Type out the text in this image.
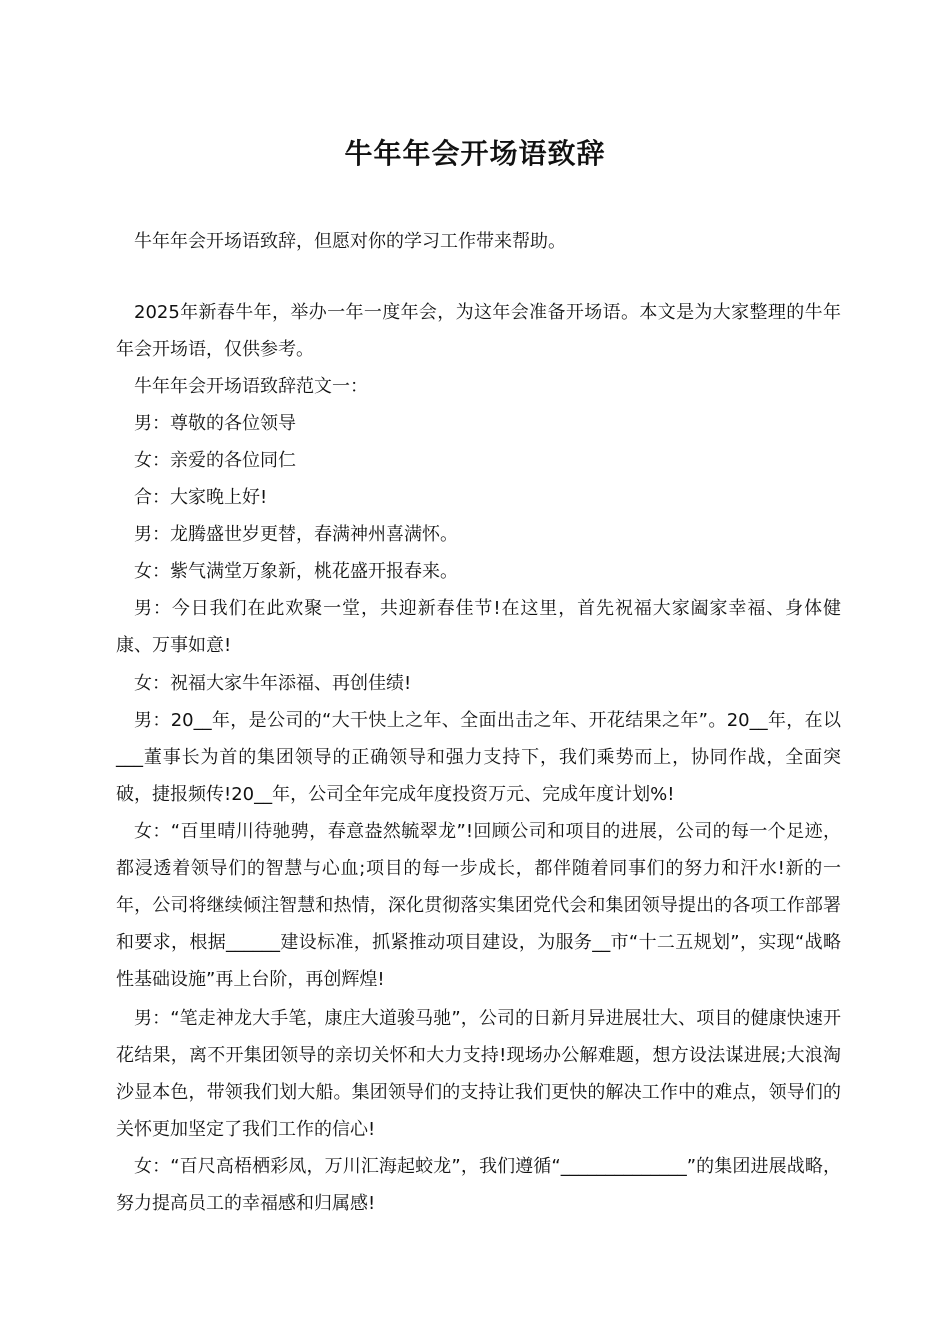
牛年年会开场语致辞
牛年年会开场语致辞，但愿对你的学习工作带来帮助。
2025年新春牛年，举办一年一度年会，为这年会准备开场语。本文是为大家整理的牛年年会开场语，仅供参考。
牛年年会开场语致辞范文一：
男：尊敬的各位领导
女：亲爱的各位同仁
合：大家晚上好!
男：龙腾盛世岁更替，春满神州喜满怀。
女：紫气满堂万象新，桃花盛开报春来。
男：今日我们在此欢聚一堂，共迎新春佳节!在这里，首先祝福大家阖家幸福、身体健康、万事如意!
女：祝福大家牛年添福、再创佳绩!
男：20__年，是公司的“大干快上之年、全面出击之年、开花结果之年”。20__年，在以___董事长为首的集团领导的正确领导和强力支持下，我们乘势而上，协同作战，全面突破，捷报频传!20__年，公司全年完成年度投资万元、完成年度计划%!
女：“百里晴川待驰骋，春意盎然毓翠龙”!回顾公司和项目的进展，公司的每一个足迹，都浸透着领导们的智慧与心血;项目的每一步成长，都伴随着同事们的努力和汗水!新的一年，公司将继续倾注智慧和热情，深化贯彻落实集团党代会和集团领导提出的各项工作部署和要求，根据______建设标准，抓紧推动项目建设，为服务__市“十二五规划”，实现“战略性基础设施”再上台阶，再创辉煌!
男：“笔走神龙大手笔，康庄大道骏马驰”，公司的日新月异进展壮大、项目的健康快速开花结果，离不开集团领导的亲切关怀和大力支持!现场办公解难题，想方设法谋进展;大浪淘沙显本色，带领我们划大船。集团领导们的支持让我们更快的解决工作中的难点，领导们的关怀更加坚定了我们工作的信心!
女：“百尺高梧栖彩凤，万川汇海起蛟龙”，我们遵循“______________”的集团进展战略，努力提高员工的幸福感和归属感!
